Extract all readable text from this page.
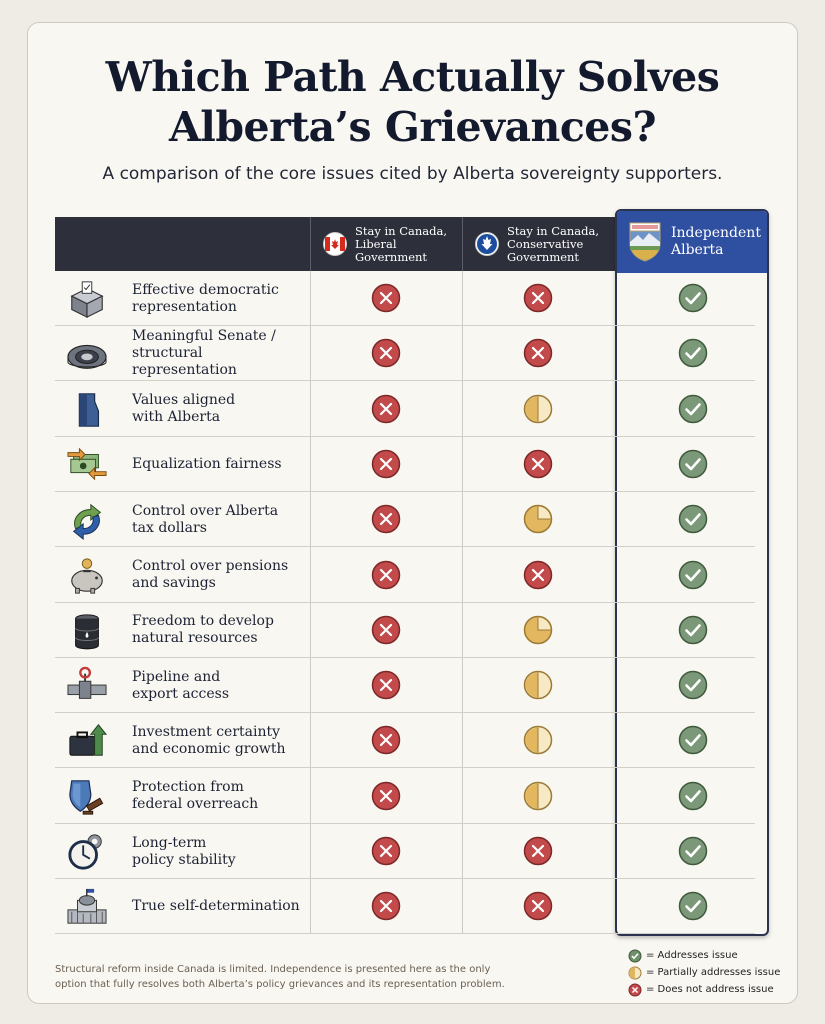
Which Path Actually Solves
Alberta’s Grievances?
A comparison of the core issues cited by Alberta sovereignty supporters.
Stay in Canada,
Liberal
Government
Stay in Canada,
Conservative
Government
Independent
Alberta
Effective democratic
representation
Meaningful Senate /
structural representation
Values aligned
with Alberta
Equalization fairness
Control over Alberta
tax dollars
Control over pensions
and savings
Freedom to develop
natural resources
Pipeline and
export access
Investment certainty
and economic growth
Protection from
federal overreach
Long-term
policy stability
True self-determination
Structural reform inside Canada is limited. Independence is presented here as the only
option that fully resolves both Alberta’s policy grievances and its representation problem.
= Addresses issue
= Partially addresses issue
= Does not address issue
